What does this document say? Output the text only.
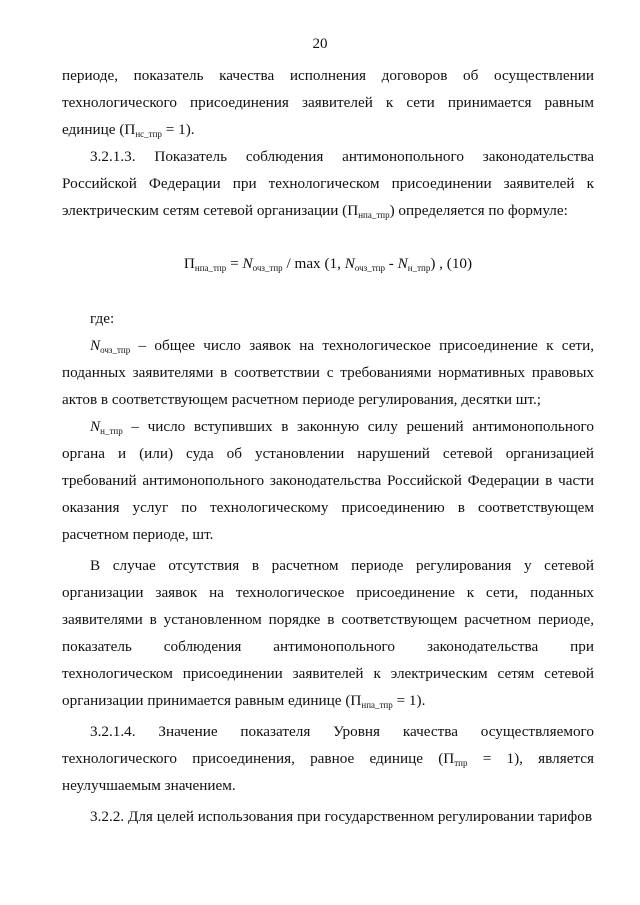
20

периоде, показатель качества исполнения договоров об осуществлении технологического присоединения заявителей к сети принимается равным единице $(П_{нс\_тпр} = 1)$.

3.2.1.3. Показатель соблюдения антимонопольного законодательства Российской Федерации при технологическом присоединении заявителей к электрическим сетям сетевой организации $(П_{нпа\_тпр})$ определяется по формуле:

$П_{нпа\_тпр} = N_{очз\_тпр} / \max (1$, $N_{очз\_тпр} - N_{н\_тпр}$) , (10)

где:

$N_{очз\_тпр}$ – общее число заявок на технологическое присоединение к сети, поданных заявителями в соответствии с требованиями нормативных правовых актов в соответствующем расчетном периоде регулирования, десятки шт.;

$N_{н\_тпр}$ – число вступивших в законную силу решений антимонопольного органа и (или) суда об установлении нарушений сетевой организацией требований антимонопольного законодательства Российской Федерации в части оказания услуг по технологическому присоединению в соответствующем расчетном периоде, шт.

В случае отсутствия в расчетном периоде регулирования у сетевой организации заявок на технологическое присоединение к сети, поданных заявителями в установленном порядке в соответствующем расчетном периоде, показатель соблюдения антимонопольного законодательства при технологическом присоединении заявителей к электрическим сетям сетевой организации принимается равным единице $(П_{нпа\_тпр} = 1)$.

3.2.1.4. Значение показателя Уровня качества осуществляемого технологического присоединения, равное единице $(П_{тпр} = 1)$, является неулучшаемым значением.

3.2.2. Для целей использования при государственном регулировании тарифов
